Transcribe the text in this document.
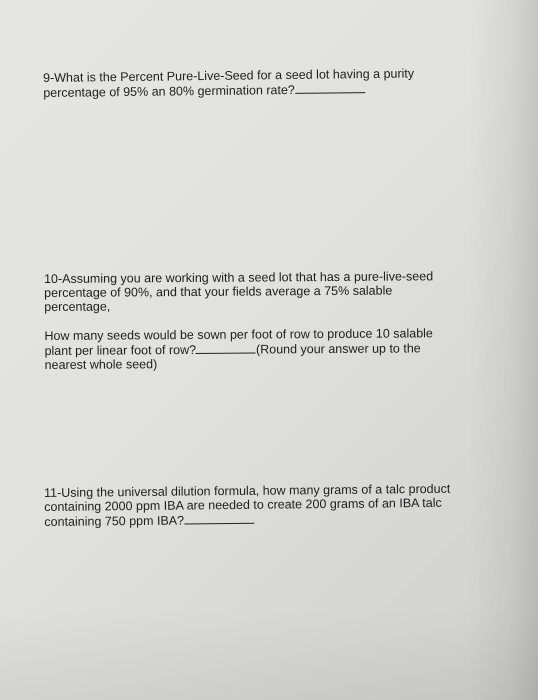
9-What is the Percent Pure-Live-Seed for a seed lot having a purity

percentage of 95% an 80% germination rate?

10-Assuming you are working with a seed lot that has a pure-live-seed

percentage of 90%, and that your fields average a 75% salable

percentage,

How many seeds would be sown per foot of row to produce 10 salable

plant per linear foot of row?	(Round your answer up to the

nearest whole seed)

11-Using the universal dilution formula, how many grams of a talc product

containing 2000 ppm IBA are needed to create 200 grams of an IBA talc

containing 750 ppm IBA?
